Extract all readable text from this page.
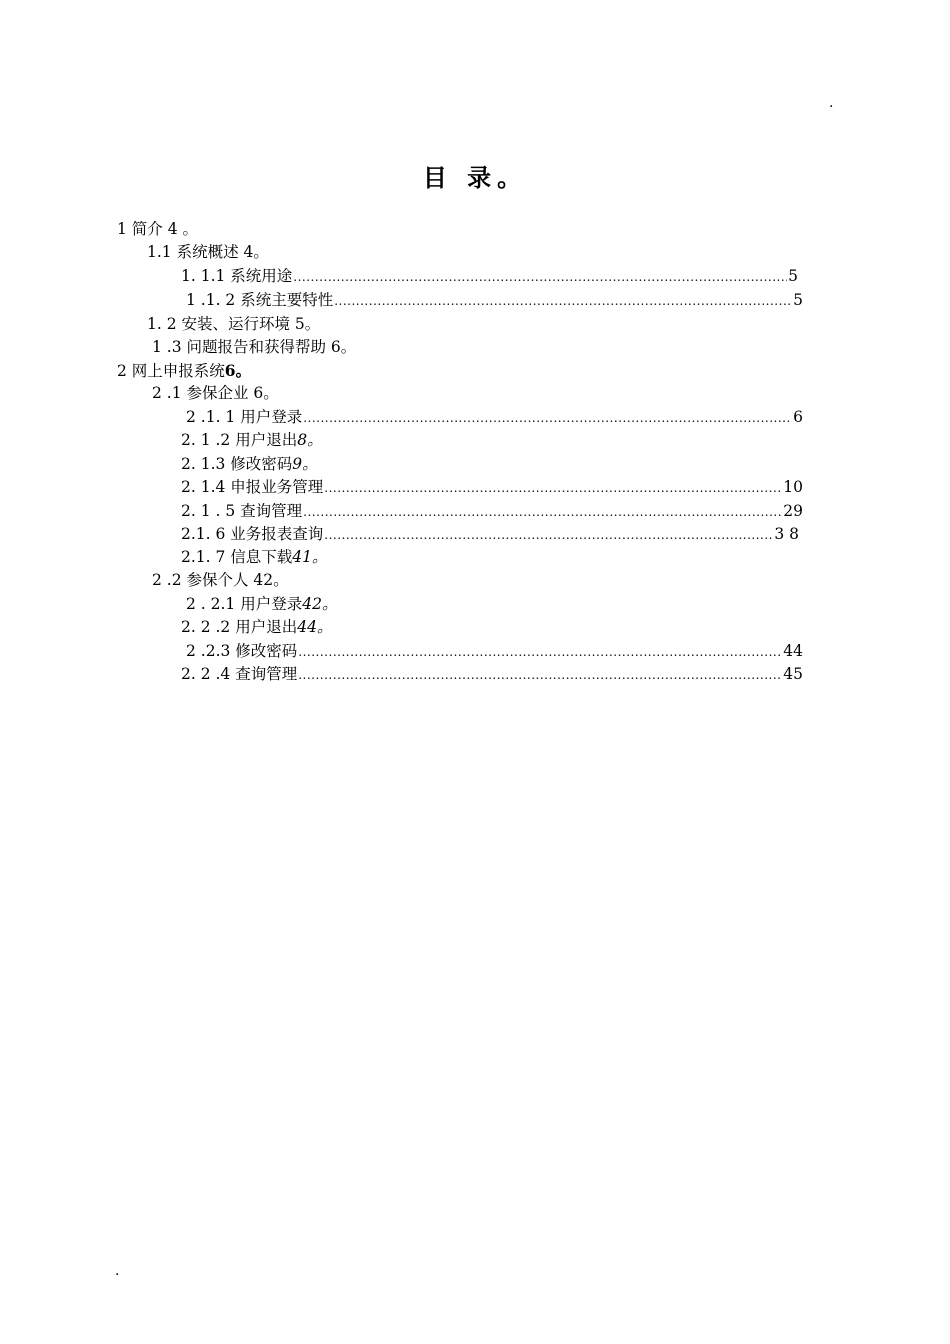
.
.
目 录。
1 简介 4 。
1.1 系统概述 4。
1. 1.1 系统用途 .....	5
1 .1. 2 系统主要特性 .....	5
1. 2 安装、运行环境 5。
1 .3 问题报告和获得帮助 6。
2 网上申报系统 6。
2 .1 参保企业 6。
2 .1. 1 用户登录 .....	6
2. 1 .2 用户退出 8。
2. 1.3 修改密码 9。
2. 1.4 申报业务管理 .....	10
2. 1 . 5 查询管理 .....	29
2.1. 6 业务报表查询 .....	3 8
2.1. 7 信息下载 41。
2 .2 参保个人 42。
2 . 2.1 用户登录 42。
2. 2 .2 用户退出 44。
2 .2.3 修改密码 .....	44
2. 2 .4 查询管理 .....	45
